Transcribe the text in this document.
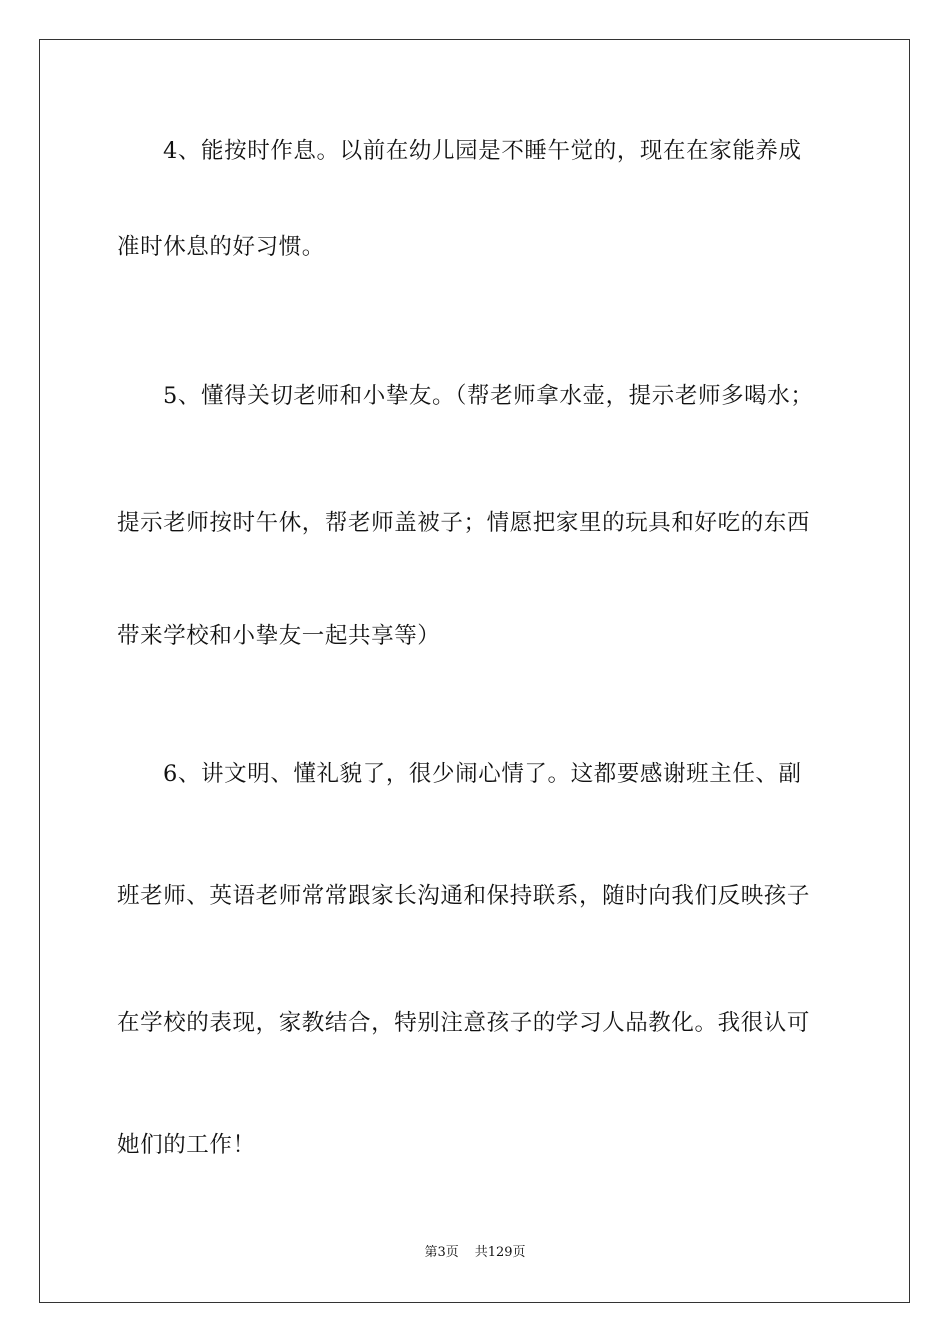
4、能按时作息。以前在幼儿园是不睡午觉的，现在在家能养成
准时休息的好习惯。
5、懂得关切老师和小挚友。（帮老师拿水壶，提示老师多喝水；
提示老师按时午休，帮老师盖被子；情愿把家里的玩具和好吃的东西
带来学校和小挚友一起共享等）
6、讲文明、懂礼貌了，很少闹心情了。这都要感谢班主任、副
班老师、英语老师常常跟家长沟通和保持联系，随时向我们反映孩子
在学校的表现，家教结合，特别注意孩子的学习人品教化。我很认可
她们的工作！
第3页 共129页
